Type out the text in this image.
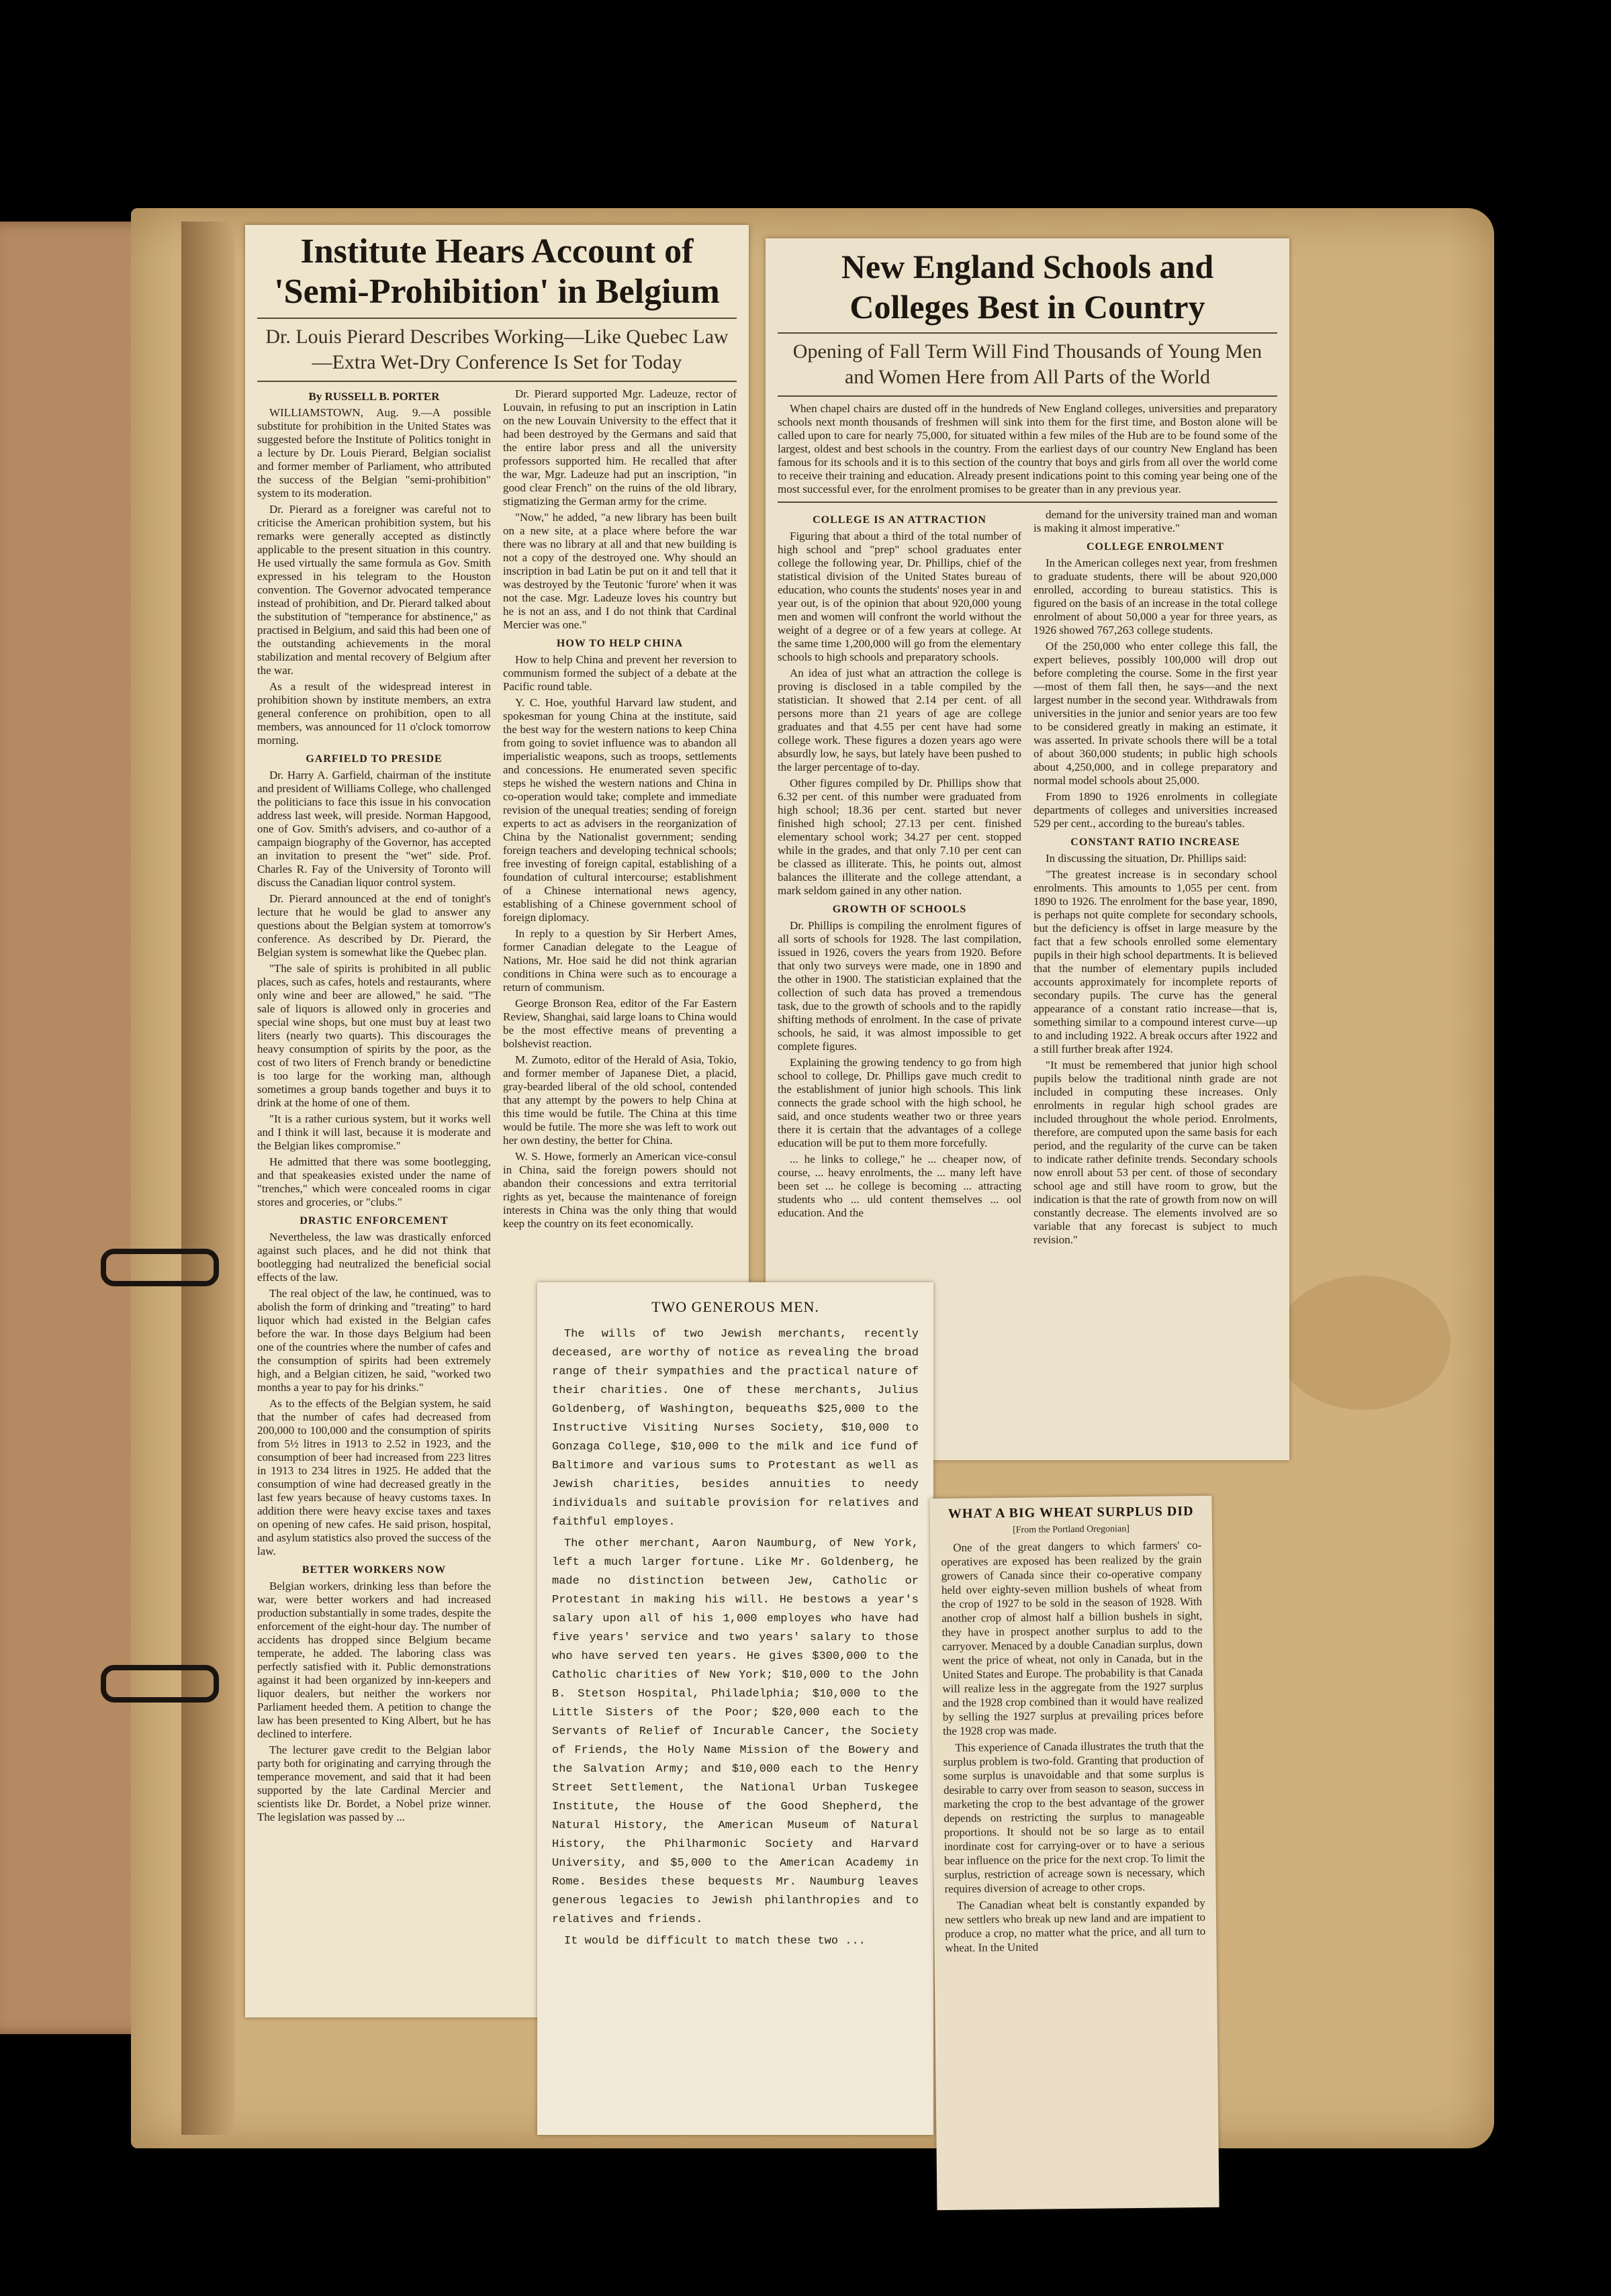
Institute Hears Account of
'Semi-Prohibition' in Belgium

Dr. Louis Pierard Describes Working—Like Quebec Law—Extra Wet-Dry Conference Is Set for Today

By RUSSELL B. PORTER

WILLIAMSTOWN, Aug. 9.—A possible substitute for prohibition in the United States was suggested before the Institute of Politics tonight in a lecture by Dr. Louis Pierard, Belgian socialist and former member of Parliament, who attributed the success of the Belgian "semi-prohibition" system to its moderation.

Dr. Pierard as a foreigner was careful not to criticise the American prohibition system, but his remarks were generally accepted as distinctly applicable to the present situation in this country. He used virtually the same formula as Gov. Smith expressed in his telegram to the Houston convention. The Governor advocated temperance instead of prohibition, and Dr. Pierard talked about the substitution of "temperance for abstinence," as practised in Belgium, and said this had been one of the outstanding achievements in the moral stabilization and mental recovery of Belgium after the war.

As a result of the widespread interest in prohibition shown by institute members, an extra general conference on prohibition, open to all members, was announced for 11 o'clock tomorrow morning.

GARFIELD TO PRESIDE

Dr. Harry A. Garfield, chairman of the institute and president of Williams College, who challenged the politicians to face this issue in his convocation address last week, will preside. Norman Hapgood, one of Gov. Smith's advisers, and co-author of a campaign biography of the Governor, has accepted an invitation to present the "wet" side. Prof. Charles R. Fay of the University of Toronto will discuss the Canadian liquor control system.

Dr. Pierard announced at the end of tonight's lecture that he would be glad to answer any questions about the Belgian system at tomorrow's conference. As described by Dr. Pierard, the Belgian system is somewhat like the Quebec plan.

"The sale of spirits is prohibited in all public places, such as cafes, hotels and restaurants, where only wine and beer are allowed," he said. "The sale of liquors is allowed only in groceries and special wine shops, but one must buy at least two liters (nearly two quarts). This discourages the heavy consumption of spirits by the poor, as the cost of two liters of French brandy or benedictine is too large for the working man, although sometimes a group bands together and buys it to drink at the home of one of them.

"It is a rather curious system, but it works well and I think it will last, because it is moderate and the Belgian likes compromise."

He admitted that there was some bootlegging, and that speakeasies existed under the name of "trenches," which were concealed rooms in cigar stores and groceries, or "clubs."

DRASTIC ENFORCEMENT

Nevertheless, the law was drastically enforced against such places, and he did not think that bootlegging had neutralized the beneficial social effects of the law.

The real object of the law, he continued, was to abolish the form of drinking and "treating" to hard liquor which had existed in the Belgian cafes before the war. In those days Belgium had been one of the countries where the number of cafes and the consumption of spirits had been extremely high, and a Belgian citizen, he said, "worked two months a year to pay for his drinks."

As to the effects of the Belgian system, he said that the number of cafes had decreased from 200,000 to 100,000 and the consumption of spirits from 5½ litres in 1913 to 2.52 in 1923, and the consumption of beer had increased from 223 litres in 1913 to 234 litres in 1925. He added that the consumption of wine had decreased greatly in the last few years because of heavy customs taxes. In addition there were heavy excise taxes and taxes on opening of new cafes. He said prison, hospital, and asylum statistics also proved the success of the law.

BETTER WORKERS NOW

Belgian workers, drinking less than before the war, were better workers and had increased production substantially in some trades, despite the enforcement of the eight-hour day. The number of accidents has dropped since Belgium became temperate, he added. The laboring class was perfectly satisfied with it. Public demonstrations against it had been organized by inn-keepers and liquor dealers, but neither the workers nor Parliament heeded them. A petition to change the law has been presented to King Albert, but he has declined to interfere.

The lecturer gave credit to the Belgian labor party both for originating and carrying through the temperance movement, and said that it had been supported by the late Cardinal Mercier and scientists like Dr. Bordet, a Nobel prize winner. The legislation was passed by ...

Dr. Pierard supported Mgr. Ladeuze, rector of Louvain, in refusing to put an inscription in Latin on the new Louvain University to the effect that it had been destroyed by the Germans and said that the entire labor press and all the university professors supported him. He recalled that after the war, Mgr. Ladeuze had put an inscription, "in good clear French" on the ruins of the old library, stigmatizing the German army for the crime.

"Now," he added, "a new library has been built on a new site, at a place where before the war there was no library at all and that new building is not a copy of the destroyed one. Why should an inscription in bad Latin be put on it and tell that it was destroyed by the Teutonic 'furore' when it was not the case. Mgr. Ladeuze loves his country but he is not an ass, and I do not think that Cardinal Mercier was one."

HOW TO HELP CHINA

How to help China and prevent her reversion to communism formed the subject of a debate at the Pacific round table.

Y. C. Hoe, youthful Harvard law student, and spokesman for young China at the institute, said the best way for the western nations to keep China from going to soviet influence was to abandon all imperialistic weapons, such as troops, settlements and concessions. He enumerated seven specific steps he wished the western nations and China in co-operation would take; complete and immediate revision of the unequal treaties; sending of foreign experts to act as advisers in the reorganization of China by the Nationalist government; sending foreign teachers and developing technical schools; free investing of foreign capital, establishing of a foundation of cultural intercourse; establishment of a Chinese international news agency, establishing of a Chinese government school of foreign diplomacy.

In reply to a question by Sir Herbert Ames, former Canadian delegate to the League of Nations, Mr. Hoe said he did not think agrarian conditions in China were such as to encourage a return of communism.

George Bronson Rea, editor of the Far Eastern Review, Shanghai, said large loans to China would be the most effective means of preventing a bolshevist reaction.

M. Zumoto, editor of the Herald of Asia, Tokio, and former member of Japanese Diet, a placid, gray-bearded liberal of the old school, contended that any attempt by the powers to help China at this time would be futile. The China at this time would be futile. The more she was left to work out her own destiny, the better for China.

W. S. Howe, formerly an American vice-consul in China, said the foreign powers should not abandon their concessions and extra territorial rights as yet, because the maintenance of foreign interests in China was the only thing that would keep the country on its feet economically.

New England Schools and
Colleges Best in Country

Opening of Fall Term Will Find Thousands of Young Men and Women Here from All Parts of the World

When chapel chairs are dusted off in the hundreds of New England colleges, universities and preparatory schools next month thousands of freshmen will sink into them for the first time, and Boston alone will be called upon to care for nearly 75,000, for situated within a few miles of the Hub are to be found some of the largest, oldest and best schools in the country. From the earliest days of our country New England has been famous for its schools and it is to this section of the country that boys and girls from all over the world come to receive their training and education. Already present indications point to this coming year being one of the most successful ever, for the enrolment promises to be greater than in any previous year.

COLLEGE IS AN ATTRACTION

Figuring that about a third of the total number of high school and "prep" school graduates enter college the following year, Dr. Phillips, chief of the statistical division of the United States bureau of education, who counts the students' noses year in and year out, is of the opinion that about 920,000 young men and women will confront the world without the weight of a degree or of a few years at college. At the same time 1,200,000 will go from the elementary schools to high schools and preparatory schools.

An idea of just what an attraction the college is proving is disclosed in a table compiled by the statistician. It showed that 2.14 per cent. of all persons more than 21 years of age are college graduates and that 4.55 per cent have had some college work. These figures a dozen years ago were absurdly low, he says, but lately have been pushed to the larger percentage of to-day.

Other figures compiled by Dr. Phillips show that 6.32 per cent. of this number were graduated from high school; 18.36 per cent. started but never finished high school; 27.13 per cent. finished elementary school work; 34.27 per cent. stopped while in the grades, and that only 7.10 per cent can be classed as illiterate. This, he points out, almost balances the illiterate and the college attendant, a mark seldom gained in any other nation.

GROWTH OF SCHOOLS

Dr. Phillips is compiling the enrolment figures of all sorts of schools for 1928. The last compilation, issued in 1926, covers the years from 1920. Before that only two surveys were made, one in 1890 and the other in 1900. The statistician explained that the collection of such data has proved a tremendous task, due to the growth of schools and to the rapidly shifting methods of enrolment. In the case of private schools, he said, it was almost impossible to get complete figures.

Explaining the growing tendency to go from high school to college, Dr. Phillips gave much credit to the establishment of junior high schools. This link connects the grade school with the high school, he said, and once students weather two or three years there it is certain that the advantages of a college education will be put to them more forcefully.

... he links to college," he ... cheaper now, of course, ... heavy enrolments, the ... many left have been set ... he college is becoming ... attracting students who ... uld content themselves ... ool education. And the

demand for the university trained man and woman is making it almost imperative."

COLLEGE ENROLMENT

In the American colleges next year, from freshmen to graduate students, there will be about 920,000 enrolled, according to bureau statistics. This is figured on the basis of an increase in the total college enrolment of about 50,000 a year for three years, as 1926 showed 767,263 college students.

Of the 250,000 who enter college this fall, the expert believes, possibly 100,000 will drop out before completing the course. Some in the first year—most of them fall then, he says—and the next largest number in the second year. Withdrawals from universities in the junior and senior years are too few to be considered greatly in making an estimate, it was asserted. In private schools there will be a total of about 360,000 students; in public high schools about 4,250,000, and in college preparatory and normal model schools about 25,000.

From 1890 to 1926 enrolments in collegiate departments of colleges and universities increased 529 per cent., according to the bureau's tables.

CONSTANT RATIO INCREASE

In discussing the situation, Dr. Phillips said:

"The greatest increase is in secondary school enrolments. This amounts to 1,055 per cent. from 1890 to 1926. The enrolment for the base year, 1890, is perhaps not quite complete for secondary schools, but the deficiency is offset in large measure by the fact that a few schools enrolled some elementary pupils in their high school departments. It is believed that the number of elementary pupils included accounts approximately for incomplete reports of secondary pupils. The curve has the general appearance of a constant ratio increase—that is, something similar to a compound interest curve—up to and including 1922. A break occurs after 1922 and a still further break after 1924.

"It must be remembered that junior high school pupils below the traditional ninth grade are not included in computing these increases. Only enrolments in regular high school grades are included throughout the whole period. Enrolments, therefore, are computed upon the same basis for each period, and the regularity of the curve can be taken to indicate rather definite trends. Secondary schools now enroll about 53 per cent. of those of secondary school age and still have room to grow, but the indication is that the rate of growth from now on will constantly decrease. The elements involved are so variable that any forecast is subject to much revision."

TWO GENEROUS MEN.

The wills of two Jewish merchants, recently deceased, are worthy of notice as revealing the broad range of their sympathies and the practical nature of their charities. One of these merchants, Julius Goldenberg, of Washington, bequeaths $25,000 to the Instructive Visiting Nurses Society, $10,000 to Gonzaga College, $10,000 to the milk and ice fund of Baltimore and various sums to Protestant as well as Jewish charities, besides annuities to needy individuals and suitable provision for relatives and faithful employes.

The other merchant, Aaron Naumburg, of New York, left a much larger fortune. Like Mr. Goldenberg, he made no distinction between Jew, Catholic or Protestant in making his will. He bestows a year's salary upon all of his 1,000 employes who have had five years' service and two years' salary to those who have served ten years. He gives $300,000 to the Catholic charities of New York; $10,000 to the John B. Stetson Hospital, Philadelphia; $10,000 to the Little Sisters of the Poor; $20,000 each to the Servants of Relief of Incurable Cancer, the Society of Friends, the Holy Name Mission of the Bowery and the Salvation Army; and $10,000 each to the Henry Street Settlement, the National Urban Tuskegee Institute, the House of the Good Shepherd, the Natural History, the American Museum of Natural History, the Philharmonic Society and Harvard University, and $5,000 to the American Academy in Rome. Besides these bequests Mr. Naumburg leaves generous legacies to Jewish philanthropies and to relatives and friends.

It would be difficult to match these two ...

WHAT A BIG WHEAT SURPLUS DID
[From the Portland Oregonian]

One of the great dangers to which farmers' co-operatives are exposed has been realized by the grain growers of Canada since their co-operative company held over eighty-seven million bushels of wheat from the crop of 1927 to be sold in the season of 1928. With another crop of almost half a billion bushels in sight, they have in prospect another surplus to add to the carryover. Menaced by a double Canadian surplus, down went the price of wheat, not only in Canada, but in the United States and Europe. The probability is that Canada will realize less in the aggregate from the 1927 surplus and the 1928 crop combined than it would have realized by selling the 1927 surplus at prevailing prices before the 1928 crop was made.

This experience of Canada illustrates the truth that the surplus problem is two-fold. Granting that production of some surplus is unavoidable and that some surplus is desirable to carry over from season to season, success in marketing the crop to the best advantage of the grower depends on restricting the surplus to manageable proportions. It should not be so large as to entail inordinate cost for carrying-over or to have a serious bear influence on the price for the next crop. To limit the surplus, restriction of acreage sown is necessary, which requires diversion of acreage to other crops.

The Canadian wheat belt is constantly expanded by new settlers who break up new land and are impatient to produce a crop, no matter what the price, and all turn to wheat. In the United
